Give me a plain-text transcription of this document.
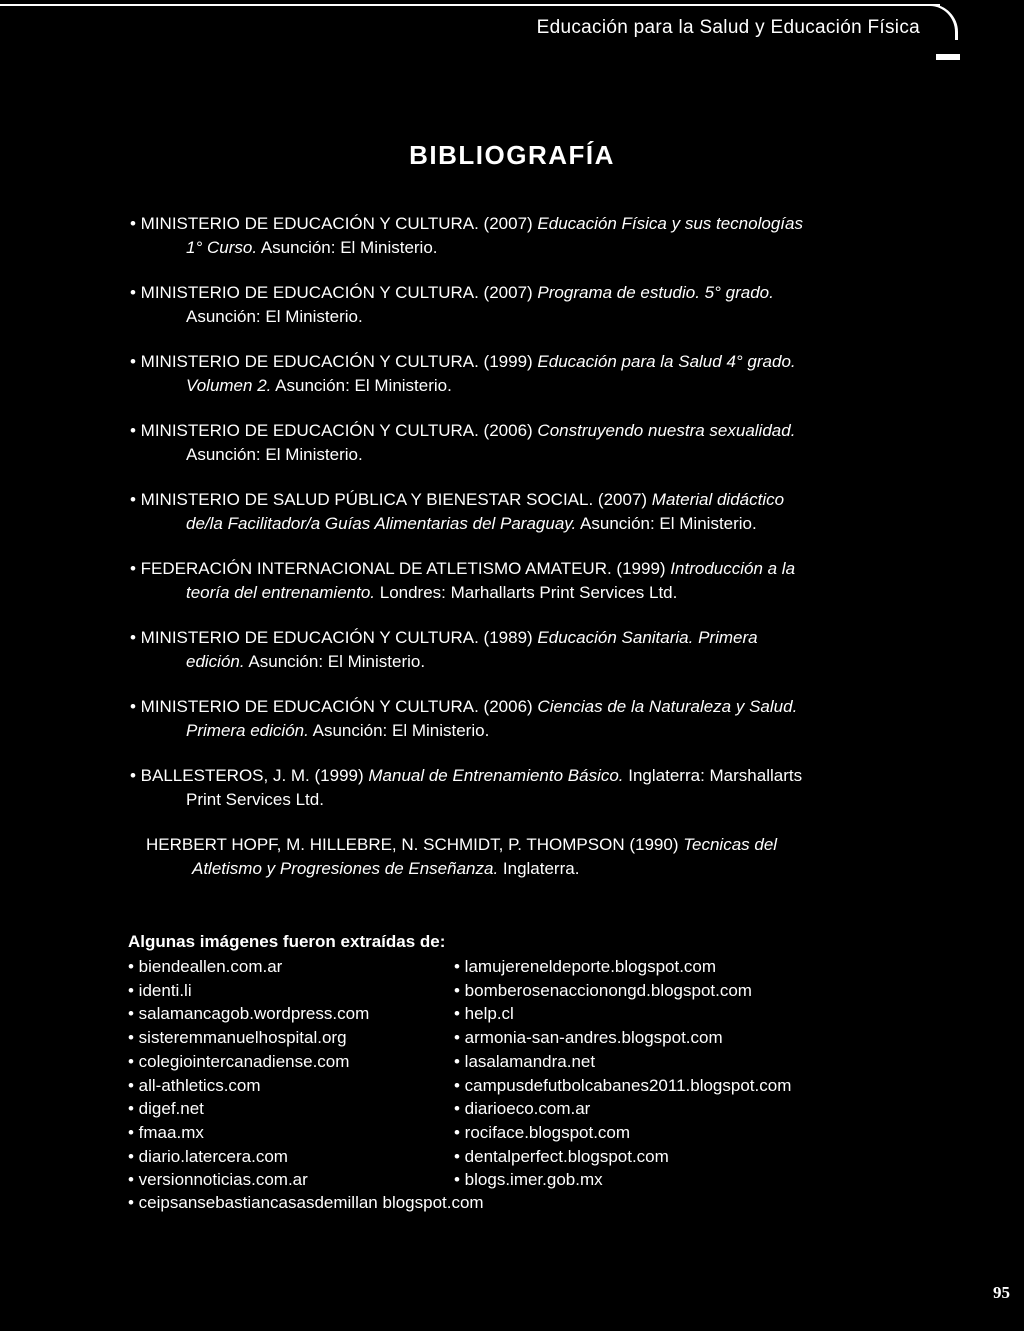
Educación para la Salud y Educación Física
BIBLIOGRAFÍA
• MINISTERIO DE EDUCACIÓN Y CULTURA. (2007) Educación Física y sus tecnologías
1° Curso. Asunción: El Ministerio.
• MINISTERIO DE EDUCACIÓN Y CULTURA. (2007) Programa de estudio. 5° grado.
Asunción: El Ministerio.
• MINISTERIO DE EDUCACIÓN Y CULTURA. (1999) Educación para la Salud 4° grado.
Volumen 2. Asunción: El Ministerio.
• MINISTERIO DE EDUCACIÓN Y CULTURA. (2006) Construyendo nuestra sexualidad.
Asunción: El Ministerio.
• MINISTERIO DE SALUD PÚBLICA Y BIENESTAR SOCIAL. (2007) Material didáctico
de/la Facilitador/a Guías Alimentarias del Paraguay. Asunción: El Ministerio.
• FEDERACIÓN INTERNACIONAL DE ATLETISMO AMATEUR. (1999) Introducción a la
teoría del entrenamiento. Londres: Marhallarts Print Services Ltd.
• MINISTERIO DE EDUCACIÓN Y CULTURA. (1989) Educación Sanitaria. Primera
edición. Asunción: El Ministerio.
• MINISTERIO DE EDUCACIÓN Y CULTURA. (2006) Ciencias de la Naturaleza y Salud.
Primera edición. Asunción: El Ministerio.
• BALLESTEROS, J. M. (1999) Manual de Entrenamiento Básico. Inglaterra: Marshallarts
Print Services Ltd.
HERBERT HOPF, M. HILLEBRE, N. SCHMIDT, P. THOMPSON (1990) Tecnicas del
Atletismo y Progresiones de Enseñanza. Inglaterra.
Algunas imágenes fueron extraídas de:
• biendeallen.com.ar
• identi.li
• salamancagob.wordpress.com
• sisteremmanuelhospital.org
• colegiointercanadiense.com
• all-athletics.com
• digef.net
• fmaa.mx
• diario.latercera.com
• versionnoticias.com.ar
• lamujereneldeporte.blogspot.com
• bomberosenaccionongd.blogspot.com
• help.cl
• armonia-san-andres.blogspot.com
• lasalamandra.net
• campusdefutbolcabanes2011.blogspot.com
• diarioeco.com.ar
• rociface.blogspot.com
• dentalperfect.blogspot.com
• blogs.imer.gob.mx
• ceipsansebastiancasasdemillan blogspot.com
95
